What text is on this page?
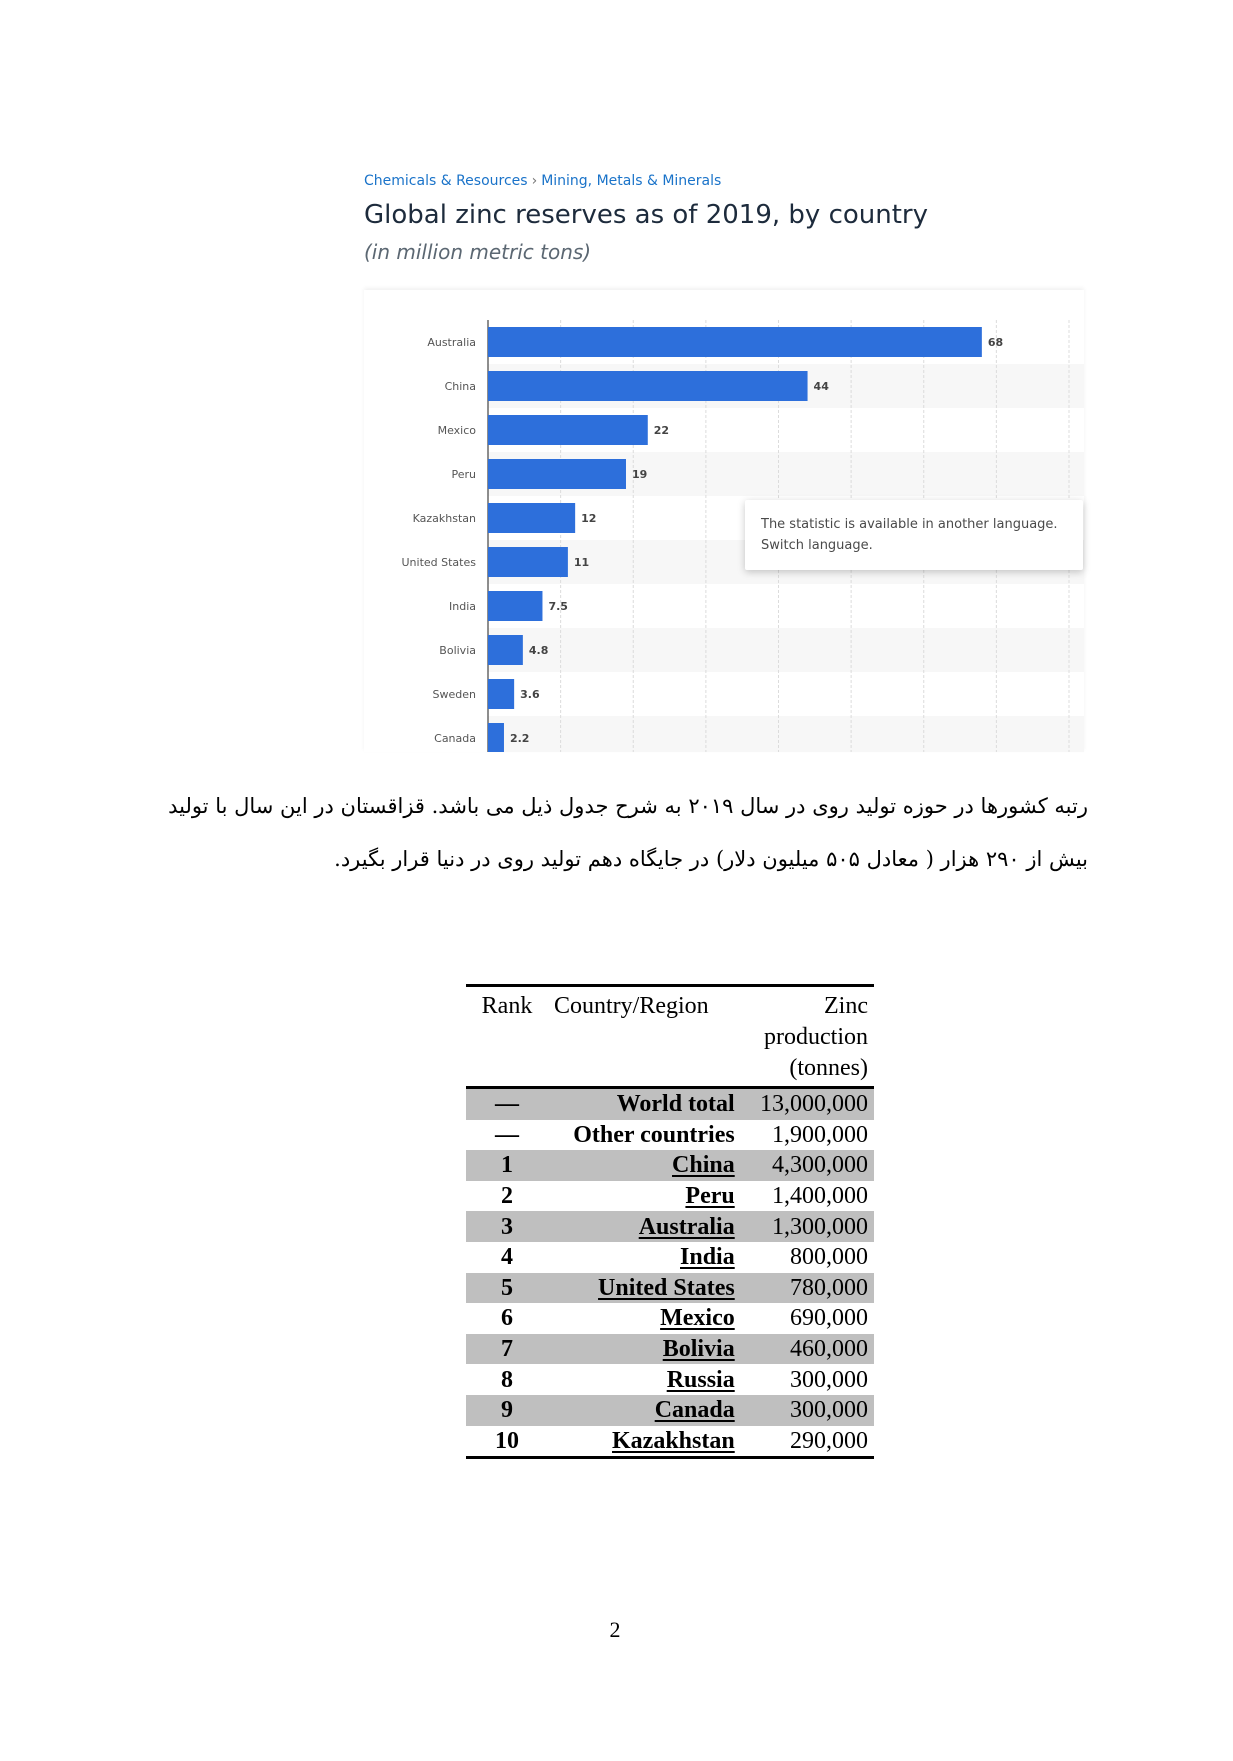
Chemicals & Resources › Mining, Metals & Minerals
Global zinc reserves as of 2019, by country
(in million metric tons)
Australia	68
China	44
Mexico	22
Peru	19
Kazakhstan	12
United States	11
India	7.5
Bolivia	4.8
Sweden	3.6
Canada	2.2
The statistic is available in another language.
Switch language.
رتبه کشورها در حوزه تولید روی در سال ۲۰۱۹ به شرح جدول ذیل می باشد. قزاقستان در این سال با تولید
بیش از ۲۹۰ هزار ( معادل ۵۰۵ میلیون دلار) در جایگاه دهم تولید روی در دنیا قرار بگیرد.
Rank	Country/Region	Zinc
production
(tonnes)

—	World total	13,000,000
—	Other countries	1,900,000
1	China	4,300,000
2	Peru	1,400,000
3	Australia	1,300,000
4	India	800,000
5	United States	780,000
6	Mexico	690,000
7	Bolivia	460,000
8	Russia	300,000
9	Canada	300,000
10	Kazakhstan	290,000
2
